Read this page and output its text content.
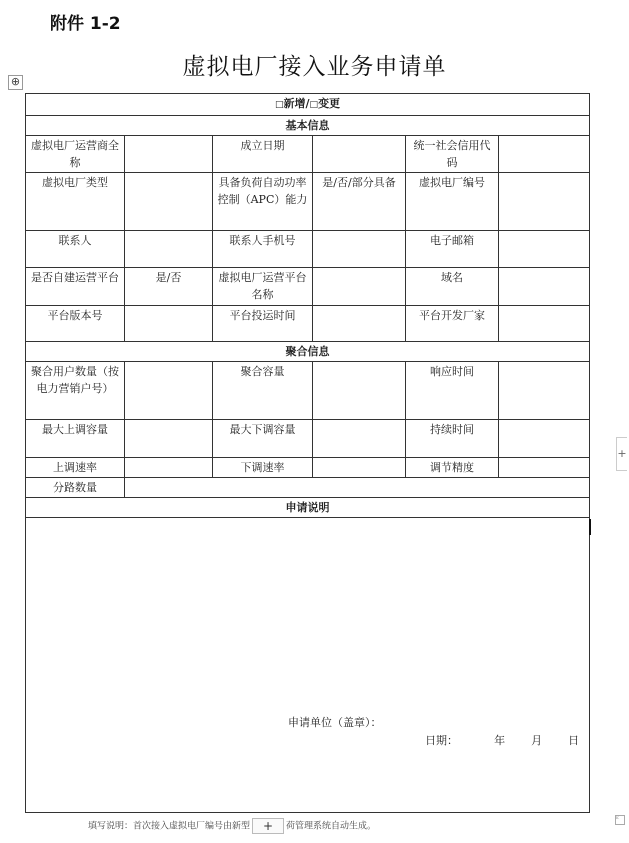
附件 1-2
虚拟电厂接入业务申请单
⊕
□新增/□变更					
基本信息					
虚拟电厂运营商全称		成立日期		统一社会信用代码	
虚拟电厂类型		具备负荷自动功率控制（APC）能力	是/否/部分具备	虚拟电厂编号	
联系人		联系人手机号		电子邮箱	
是否自建运营平台	是/否	虚拟电厂运营平台名称		域名	
平台版本号		平台投运时间		平台开发厂家	
聚合信息					
聚合用户数量（按电力营销户号）		聚合容量		响应时间	
最大上调容量		最大下调容量		持续时间	
上调速率		下调速率		调节精度	
分路数量					
申请说明					

申请单位（盖章）：
日期： 年 月 日					
填写说明：首次接入虚拟电厂编号由新型 + 荷管理系统自动生成。
+
ᴷ
